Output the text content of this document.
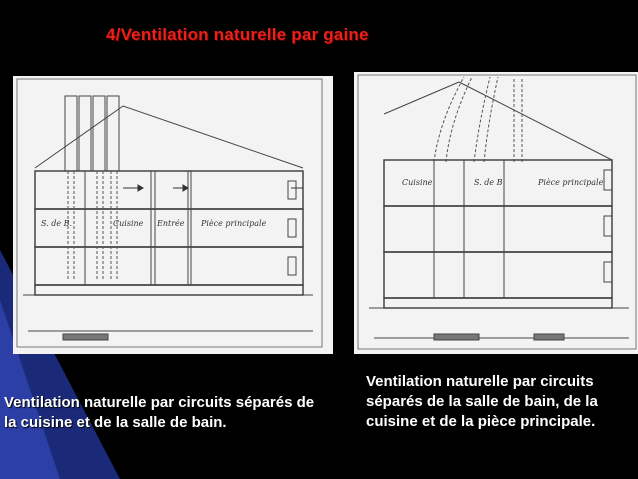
4/Ventilation naturelle par gaine
S. de B.	Cuisine Entrée Pièce principale
Cuisine	S. de B	Pièce principale
Ventilation naturelle par circuits séparés de la cuisine et de la salle de bain.
Ventilation naturelle par circuits séparés de la salle de bain, de la cuisine et de la pièce principale.
